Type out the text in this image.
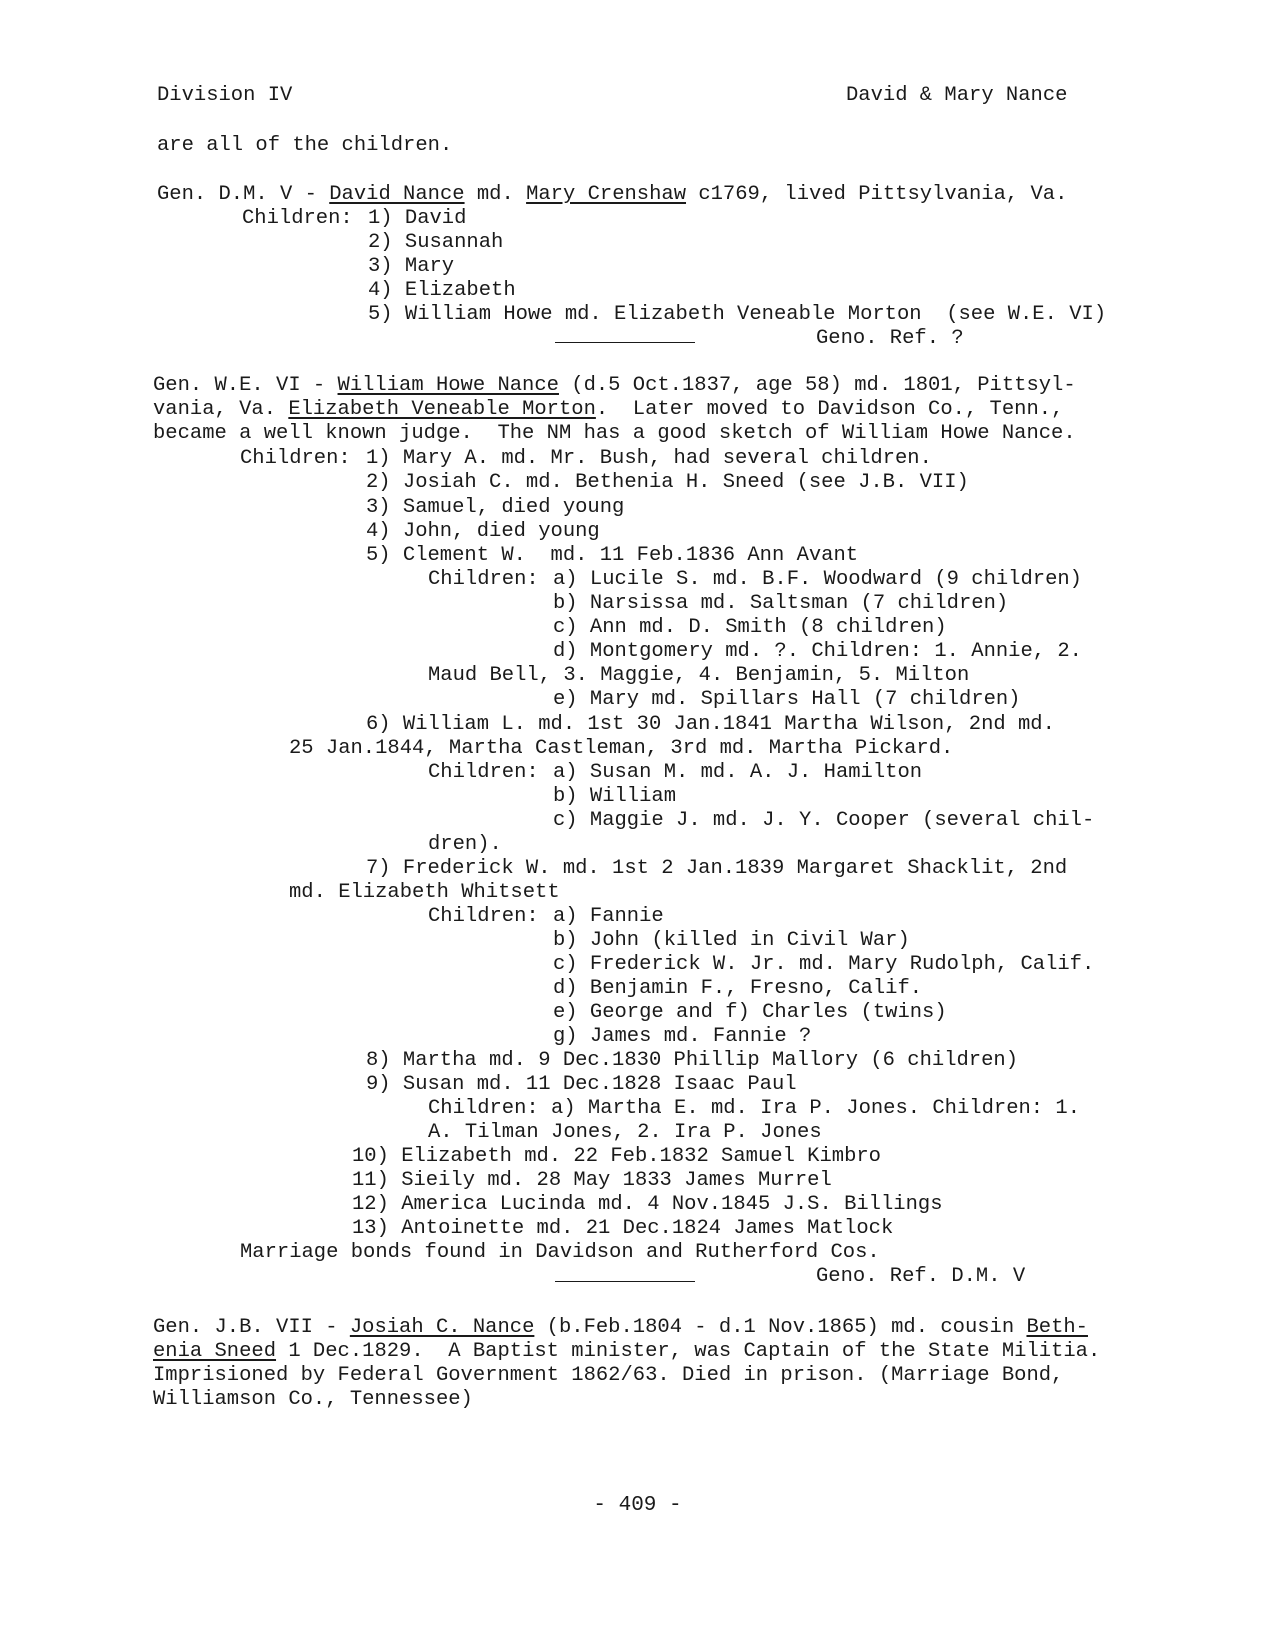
Division IV	David & Mary Nance
are all of the children.
Gen. D.M. V - David Nance md. Mary Crenshaw c1769, lived Pittsylvania, Va.
Children: 1) David
2) Susannah
3) Mary
4) Elizabeth
5) William Howe md. Elizabeth Veneable Morton  (see W.E. VI)
Geno. Ref. ?
Gen. W.E. VI - William Howe Nance (d.5 Oct.1837, age 58) md. 1801, Pittsyl-
vania, Va. Elizabeth Veneable Morton.  Later moved to Davidson Co., Tenn.,
became a well known judge.  The NM has a good sketch of William Howe Nance.
Children: 1) Mary A. md. Mr. Bush, had several children.
2) Josiah C. md. Bethenia H. Sneed (see J.B. VII)
3) Samuel, died young
4) John, died young
5) Clement W.  md. 11 Feb.1836 Ann Avant
Children: a) Lucile S. md. B.F. Woodward (9 children)
b) Narsissa md. Saltsman (7 children)
c) Ann md. D. Smith (8 children)
d) Montgomery md. ?. Children: 1. Annie, 2.
Maud Bell, 3. Maggie, 4. Benjamin, 5. Milton
e) Mary md. Spillars Hall (7 children)
6) William L. md. 1st 30 Jan.1841 Martha Wilson, 2nd md.
25 Jan.1844, Martha Castleman, 3rd md. Martha Pickard.
Children: a) Susan M. md. A. J. Hamilton
b) William
c) Maggie J. md. J. Y. Cooper (several chil-
dren).
7) Frederick W. md. 1st 2 Jan.1839 Margaret Shacklit, 2nd
md. Elizabeth Whitsett
Children: a) Fannie
b) John (killed in Civil War)
c) Frederick W. Jr. md. Mary Rudolph, Calif.
d) Benjamin F., Fresno, Calif.
e) George and f) Charles (twins)
g) James md. Fannie ?
8) Martha md. 9 Dec.1830 Phillip Mallory (6 children)
9) Susan md. 11 Dec.1828 Isaac Paul
Children: a) Martha E. md. Ira P. Jones. Children: 1.
A. Tilman Jones, 2. Ira P. Jones
10) Elizabeth md. 22 Feb.1832 Samuel Kimbro
11) Sieily md. 28 May 1833 James Murrel
12) America Lucinda md. 4 Nov.1845 J.S. Billings
13) Antoinette md. 21 Dec.1824 James Matlock
Marriage bonds found in Davidson and Rutherford Cos.
Geno. Ref. D.M. V
Gen. J.B. VII - Josiah C. Nance (b.Feb.1804 - d.1 Nov.1865) md. cousin Beth-
enia Sneed 1 Dec.1829.  A Baptist minister, was Captain of the State Militia.
Imprisioned by Federal Government 1862/63. Died in prison. (Marriage Bond,
Williamson Co., Tennessee)
- 409 -
